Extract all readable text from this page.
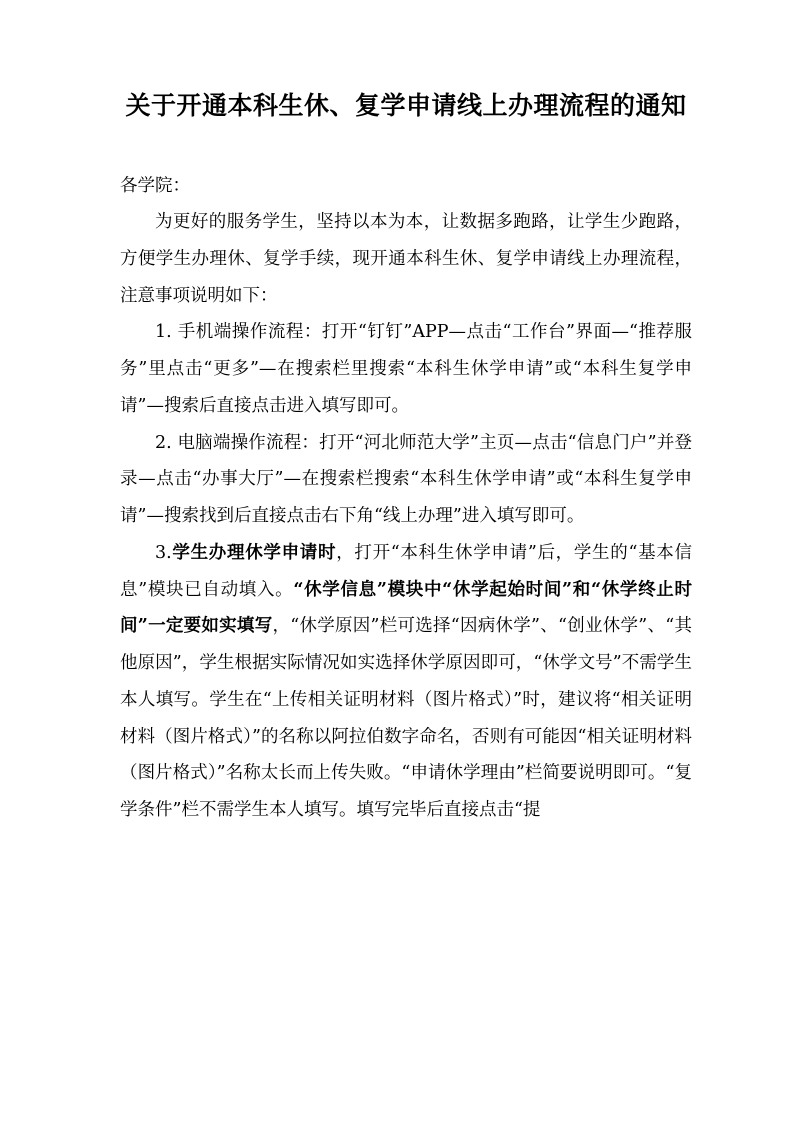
关于开通本科生休、复学申请线上办理流程的通知
各学院：

为更好的服务学生，坚持以本为本，让数据多跑路，让学生少跑路，方便学生办理休、复学手续，现开通本科生休、复学申请线上办理流程，注意事项说明如下：

1. 手机端操作流程：打开“钉钉”APP—点击“工作台”界面—“推荐服务”里点击“更多”—在搜索栏里搜索“本科生休学申请”或“本科生复学申请”—搜索后直接点击进入填写即可。

2. 电脑端操作流程：打开“河北师范大学”主页—点击“信息门户”并登录—点击“办事大厅”—在搜索栏搜索“本科生休学申请”或“本科生复学申请”—搜索找到后直接点击右下角“线上办理”进入填写即可。

3.学生办理休学申请时，打开“本科生休学申请”后，学生的“基本信息”模块已自动填入。“休学信息”模块中“休学起始时间”和“休学终止时间”一定要如实填写，“休学原因”栏可选择“因病休学”、“创业休学”、“其他原因”，学生根据实际情况如实选择休学原因即可，“休学文号”不需学生本人填写。学生在“上传相关证明材料（图片格式）”时，建议将“相关证明材料（图片格式）”的名称以阿拉伯数字命名，否则有可能因“相关证明材料（图片格式）”名称太长而上传失败。“申请休学理由”栏简要说明即可。“复学条件”栏不需学生本人填写。填写完毕后直接点击“提
